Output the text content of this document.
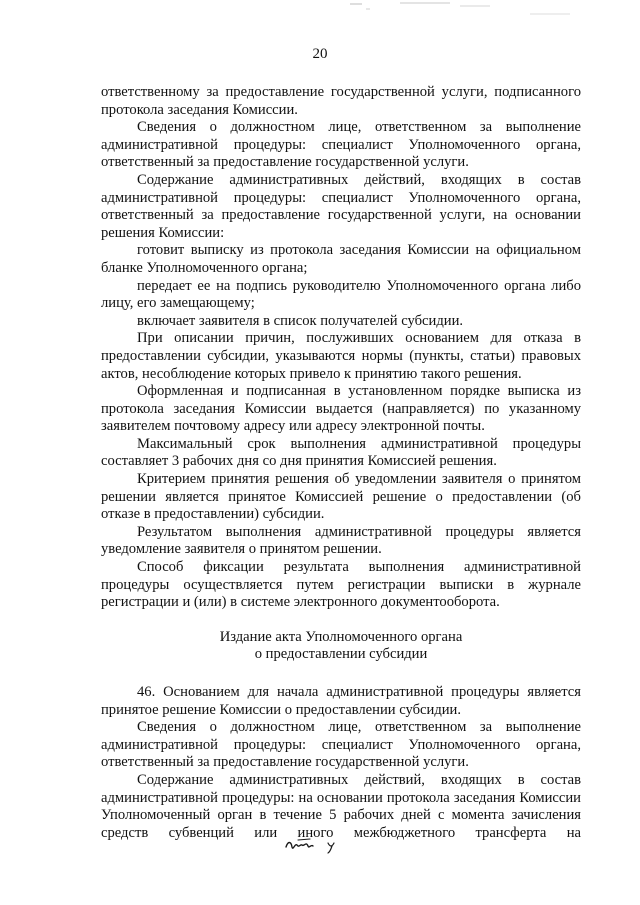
20

ответственному за предоставление государственной услуги, подписанного протокола заседания Комиссии.

Сведения о должностном лице, ответственном за выполнение административной процедуры: специалист Уполномоченного органа, ответственный за предоставление государственной услуги.

Содержание административных действий, входящих в состав административной процедуры: специалист Уполномоченного органа, ответственный за предоставление государственной услуги, на основании решения Комиссии:

готовит выписку из протокола заседания Комиссии на официальном бланке Уполномоченного органа;

передает ее на подпись руководителю Уполномоченного органа либо лицу, его замещающему;

включает заявителя в список получателей субсидии.

При описании причин, послуживших основанием для отказа в предоставлении субсидии, указываются нормы (пункты, статьи) правовых актов, несоблюдение которых привело к принятию такого решения.

Оформленная и подписанная в установленном порядке выписка из протокола заседания Комиссии выдается (направляется) по указанному заявителем почтовому адресу или адресу электронной почты.

Максимальный срок выполнения административной процедуры составляет 3 рабочих дня со дня принятия Комиссией решения.

Критерием принятия решения об уведомлении заявителя о принятом решении является принятое Комиссией решение о предоставлении (об отказе в предоставлении) субсидии.

Результатом выполнения административной процедуры является уведомление заявителя о принятом решении.

Способ фиксации результата выполнения административной процедуры осуществляется путем регистрации выписки в журнале регистрации и (или) в системе электронного документооборота.

Издание акта Уполномоченного органа

о предоставлении субсидии

46. Основанием для начала административной процедуры является принятое решение Комиссии о предоставлении субсидии.

Сведения о должностном лице, ответственном за выполнение административной процедуры: специалист Уполномоченного органа, ответственный за предоставление государственной услуги.

Содержание административных действий, входящих в состав административной процедуры: на основании протокола заседания Комиссии Уполномоченный орган в течение 5 рабочих дней с момента зачисления средств субвенций или иного межбюджетного трансферта на
